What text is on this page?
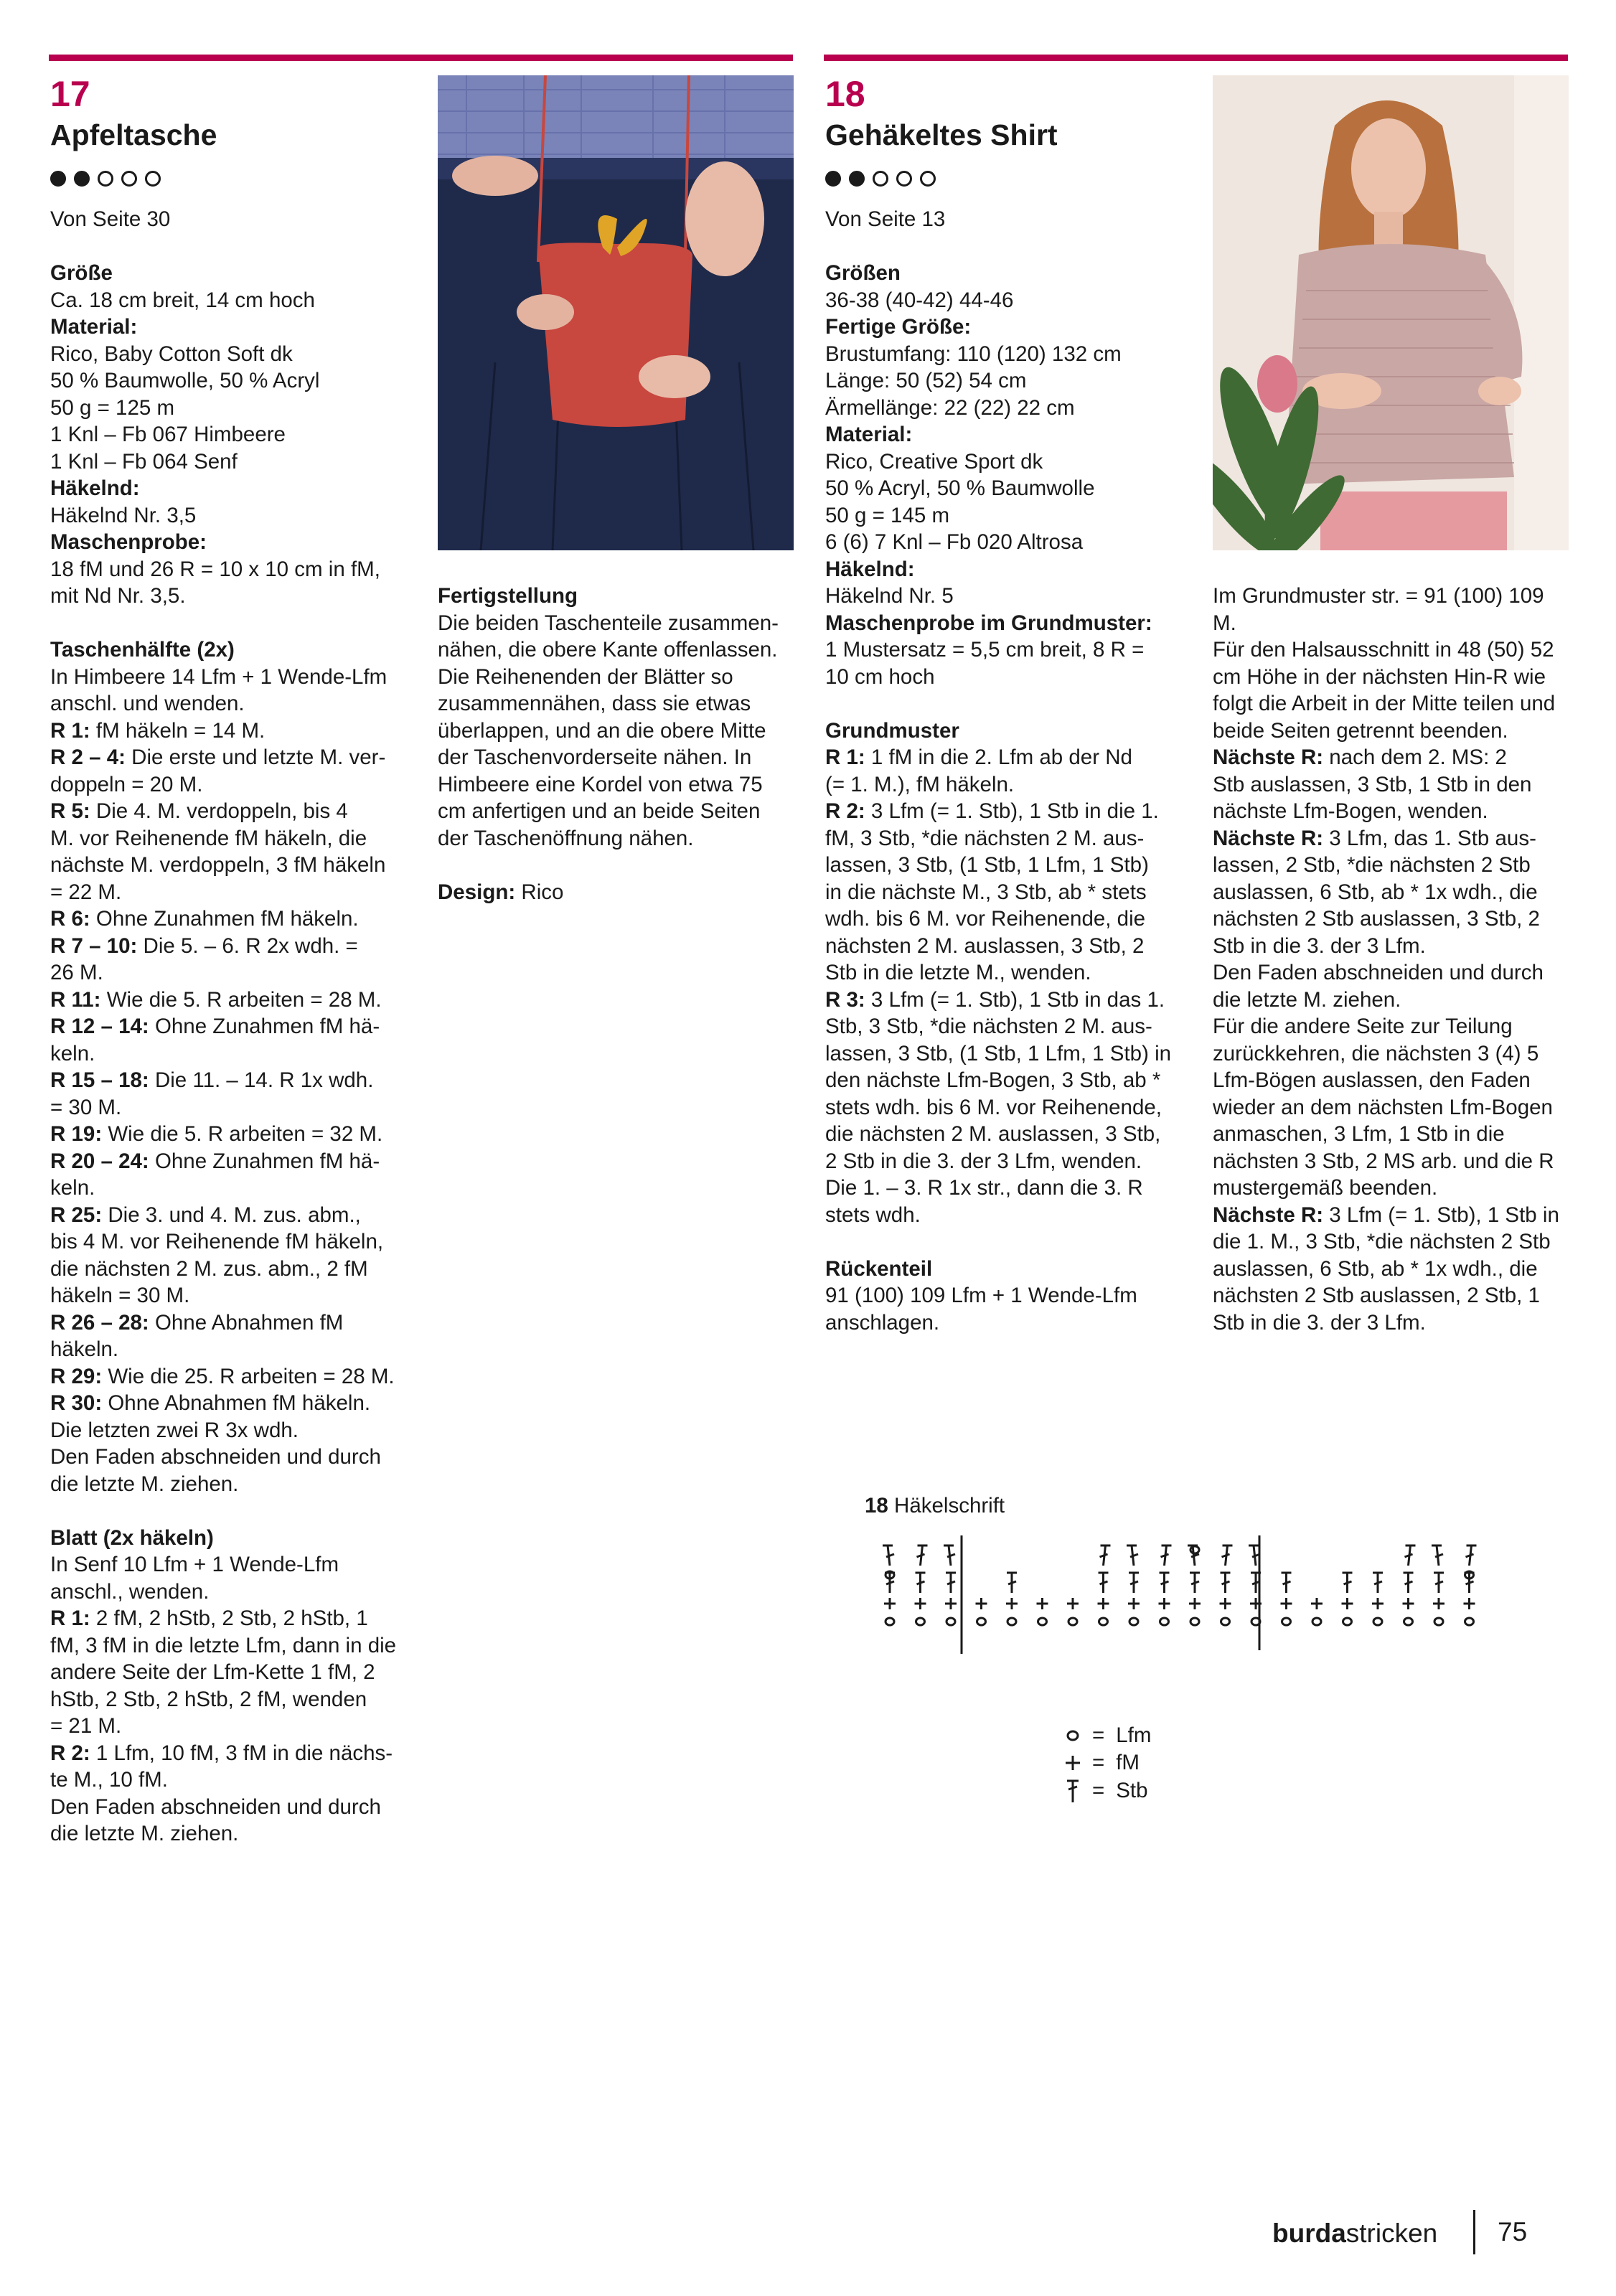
17
Apfeltasche
Von Seite 30
Größe
Ca. 18 cm breit, 14 cm hoch
Material:
Rico, Baby Cotton Soft dk
50 % Baumwolle, 50 % Acryl
50 g = 125 m
1 Knl – Fb 067 Himbeere
1 Knl – Fb 064 Senf
Häkelnd:
Häkelnd Nr. 3,5
Maschenprobe:
18 fM und 26 R = 10 x 10 cm in fM,
mit Nd Nr. 3,5.
Taschenhälfte (2x)
In Himbeere 14 Lfm + 1 Wende-Lfm
anschl. und wenden.
R 1: fM häkeln = 14 M.
R 2 – 4: Die erste und letzte M. ver-
doppeln = 20 M.
R 5: Die 4. M. verdoppeln, bis 4
M. vor Reihenende fM häkeln, die
nächste M. verdoppeln, 3 fM häkeln
= 22 M.
R 6: Ohne Zunahmen fM häkeln.
R 7 – 10: Die 5. – 6. R 2x wdh. =
26 M.
R 11: Wie die 5. R arbeiten = 28 M.
R 12 – 14: Ohne Zunahmen fM hä-
keln.
R 15 – 18: Die 11. – 14. R 1x wdh.
= 30 M.
R 19: Wie die 5. R arbeiten = 32 M.
R 20 – 24: Ohne Zunahmen fM hä-
keln.
R 25: Die 3. und 4. M. zus. abm.,
bis 4 M. vor Reihenende fM häkeln,
die nächsten 2 M. zus. abm., 2 fM
häkeln = 30 M.
R 26 – 28: Ohne Abnahmen fM
häkeln.
R 29: Wie die 25. R arbeiten = 28 M.
R 30: Ohne Abnahmen fM häkeln.
Die letzten zwei R 3x wdh.
Den Faden abschneiden und durch
die letzte M. ziehen.
Blatt (2x häkeln)
In Senf 10 Lfm + 1 Wende-Lfm
anschl., wenden.
R 1: 2 fM, 2 hStb, 2 Stb, 2 hStb, 1
fM, 3 fM in die letzte Lfm, dann in die
andere Seite der Lfm-Kette 1 fM, 2
hStb, 2 Stb, 2 hStb, 2 fM, wenden
= 21 M.
R 2: 1 Lfm, 10 fM, 3 fM in die nächs-
te M., 10 fM.
Den Faden abschneiden und durch
die letzte M. ziehen.
Fertigstellung
Die beiden Taschenteile zusammen-
nähen, die obere Kante offenlassen.
Die Reihenenden der Blätter so
zusammennähen, dass sie etwas
überlappen, und an die obere Mitte
der Taschenvorderseite nähen. In
Himbeere eine Kordel von etwa 75
cm anfertigen und an beide Seiten
der Taschenöffnung nähen.
Design: Rico
18
Gehäkeltes Shirt
Von Seite 13
Größen
36-38 (40-42) 44-46
Fertige Größe:
Brustumfang: 110 (120) 132 cm
Länge: 50 (52) 54 cm
Ärmellänge: 22 (22) 22 cm
Material:
Rico, Creative Sport dk
50 % Acryl, 50 % Baumwolle
50 g = 145 m
6 (6) 7 Knl – Fb 020 Altrosa
Häkelnd:
Häkelnd Nr. 5
Maschenprobe im Grundmuster:
1 Mustersatz = 5,5 cm breit, 8 R =
10 cm hoch
Grundmuster
R 1: 1 fM in die 2. Lfm ab der Nd
(= 1. M.), fM häkeln.
R 2: 3 Lfm (= 1. Stb), 1 Stb in die 1.
fM, 3 Stb, *die nächsten 2 M. aus-
lassen, 3 Stb, (1 Stb, 1 Lfm, 1 Stb)
in die nächste M., 3 Stb, ab * stets
wdh. bis 6 M. vor Reihenende, die
nächsten 2 M. auslassen, 3 Stb, 2
Stb in die letzte M., wenden.
R 3: 3 Lfm (= 1. Stb), 1 Stb in das 1.
Stb, 3 Stb, *die nächsten 2 M. aus-
lassen, 3 Stb, (1 Stb, 1 Lfm, 1 Stb) in
den nächste Lfm-Bogen, 3 Stb, ab *
stets wdh. bis 6 M. vor Reihenende,
die nächsten 2 M. auslassen, 3 Stb,
2 Stb in die 3. der 3 Lfm, wenden.
Die 1. – 3. R 1x str., dann die 3. R
stets wdh.
Rückenteil
91 (100) 109 Lfm + 1 Wende-Lfm
anschlagen.
Im Grundmuster str. = 91 (100) 109
M.
Für den Halsausschnitt in 48 (50) 52
cm Höhe in der nächsten Hin-R wie
folgt die Arbeit in der Mitte teilen und
beide Seiten getrennt beenden.
Nächste R: nach dem 2. MS: 2
Stb auslassen, 3 Stb, 1 Stb in den
nächste Lfm-Bogen, wenden.
Nächste R: 3 Lfm, das 1. Stb aus-
lassen, 2 Stb, *die nächsten 2 Stb
auslassen, 6 Stb, ab * 1x wdh., die
nächsten 2 Stb auslassen, 3 Stb, 2
Stb in die 3. der 3 Lfm.
Den Faden abschneiden und durch
die letzte M. ziehen.
Für die andere Seite zur Teilung
zurückkehren, die nächsten 3 (4) 5
Lfm-Bögen auslassen, den Faden
wieder an dem nächsten Lfm-Bogen
anmaschen, 3 Lfm, 1 Stb in die
nächsten 3 Stb, 2 MS arb. und die R
mustergemäß beenden.
Nächste R: 3 Lfm (= 1. Stb), 1 Stb in
die 1. M., 3 Stb, *die nächsten 2 Stb
auslassen, 6 Stb, ab * 1x wdh., die
nächsten 2 Stb auslassen, 2 Stb, 1
Stb in die 3. der 3 Lfm.
18 Häkelschrift
= Lfm
= fM
= Stb
burdastricken 75
